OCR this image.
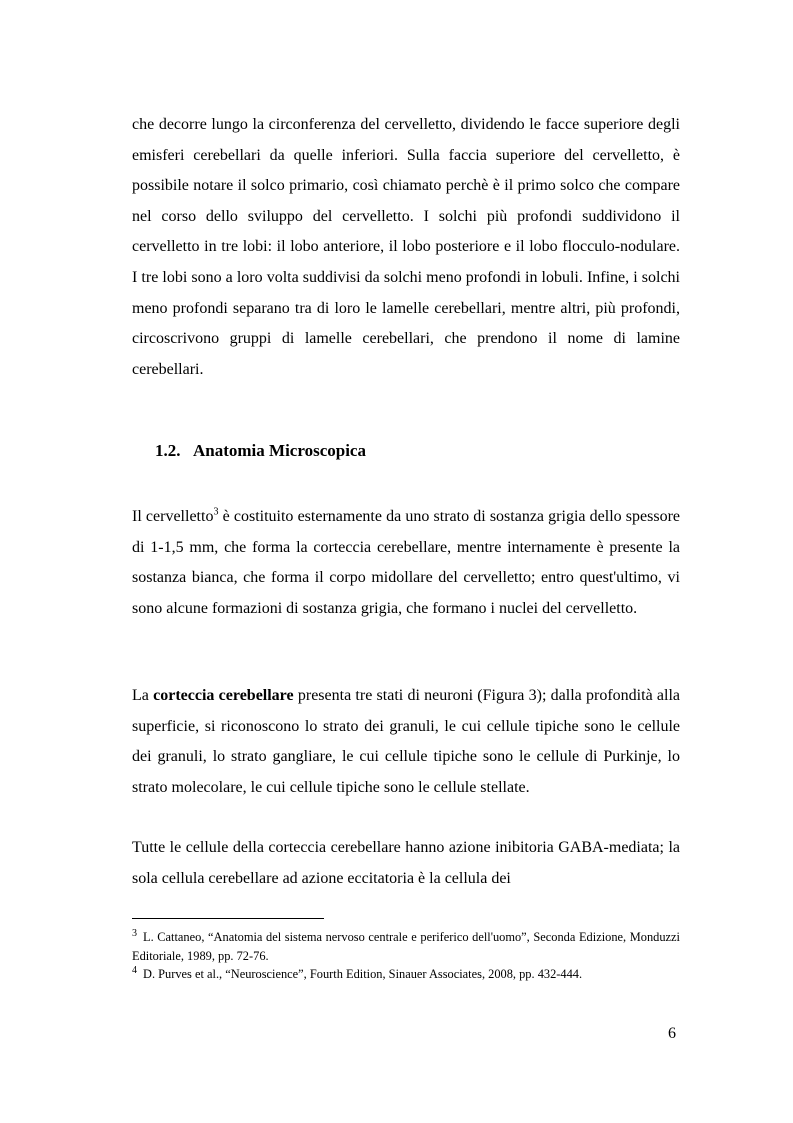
che decorre lungo la circonferenza del cervelletto, dividendo le facce superiore degli emisferi cerebellari da quelle inferiori. Sulla faccia superiore del cervelletto, è possibile notare il solco primario, così chiamato perchè è il primo solco che compare nel corso dello sviluppo del cervelletto. I solchi più profondi suddividono il cervelletto in tre lobi: il lobo anteriore, il lobo posteriore e il lobo flocculo-nodulare. I tre lobi sono a loro volta suddivisi da solchi meno profondi in lobuli. Infine, i solchi meno profondi separano tra di loro le lamelle cerebellari, mentre altri, più profondi, circoscrivono gruppi di lamelle cerebellari, che prendono il nome di lamine cerebellari.

1.2. Anatomia Microscopica

Il cervelletto$^3$ è costituito esternamente da uno strato di sostanza grigia dello spessore di 1-1,5 mm, che forma la corteccia cerebellare, mentre internamente è presente la sostanza bianca, che forma il corpo midollare del cervelletto; entro quest'ultimo, vi sono alcune formazioni di sostanza grigia, che formano i nuclei del cervelletto.

La corteccia cerebellare presenta tre stati di neuroni (Figura 3); dalla profondità alla superficie, si riconoscono lo strato dei granuli, le cui cellule tipiche sono le cellule dei granuli, lo strato gangliare, le cui cellule tipiche sono le cellule di Purkinje, lo strato molecolare, le cui cellule tipiche sono le cellule stellate.

Tutte le cellule della corteccia cerebellare hanno azione inibitoria GABA-mediata; la sola cellula cerebellare ad azione eccitatoria è la cellula dei

$^3$ L. Cattaneo, “Anatomia del sistema nervoso centrale e periferico dell'uomo”, Seconda Edizione, Monduzzi Editoriale, 1989, pp. 72-76.

$^4$ D. Purves et al., “Neuroscience”, Fourth Edition, Sinauer Associates, 2008, pp. 432-444.

6
